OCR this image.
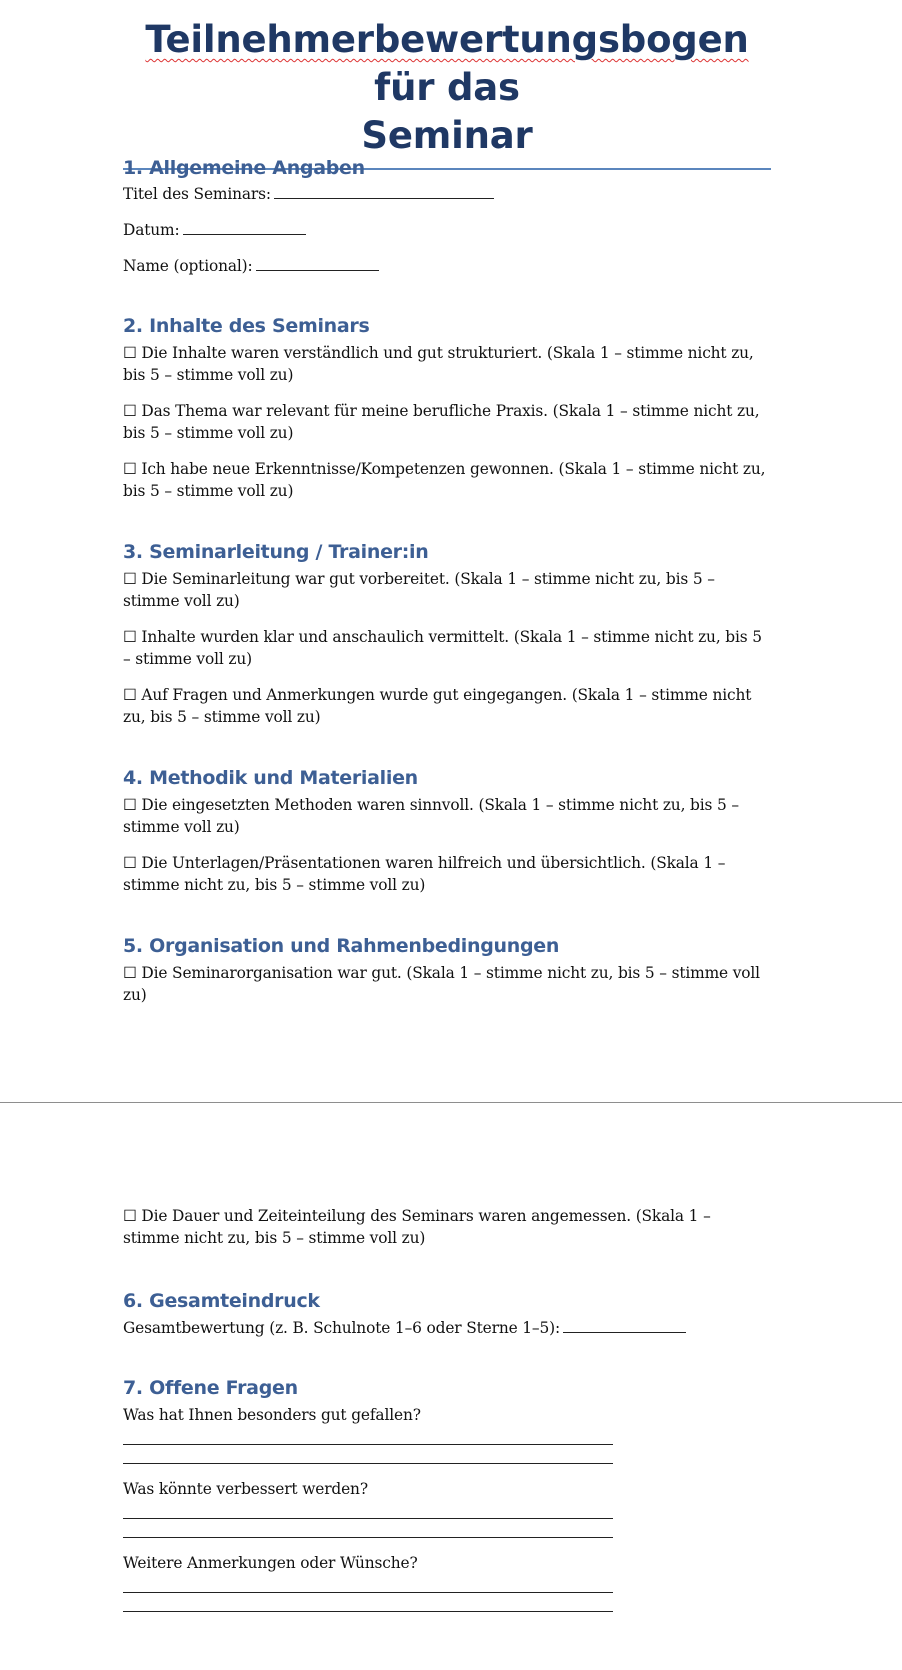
Teilnehmerbewertungsbogen für das
Seminar
1. Allgemeine Angaben

Titel des Seminars:

Datum:

Name (optional):

2. Inhalte des Seminars

☐ Die Inhalte waren verständlich und gut strukturiert. (Skala 1 – stimme nicht zu, bis 5 – stimme voll zu)

☐ Das Thema war relevant für meine berufliche Praxis. (Skala 1 – stimme nicht zu, bis 5 – stimme voll zu)

☐ Ich habe neue Erkenntnisse/Kompetenzen gewonnen. (Skala 1 – stimme nicht zu, bis 5 – stimme voll zu)

3. Seminarleitung / Trainer:in

☐ Die Seminarleitung war gut vorbereitet. (Skala 1 – stimme nicht zu, bis 5 – stimme voll zu)

☐ Inhalte wurden klar und anschaulich vermittelt. (Skala 1 – stimme nicht zu, bis 5 – stimme voll zu)

☐ Auf Fragen und Anmerkungen wurde gut eingegangen. (Skala 1 – stimme nicht zu, bis 5 – stimme voll zu)

4. Methodik und Materialien

☐ Die eingesetzten Methoden waren sinnvoll. (Skala 1 – stimme nicht zu, bis 5 – stimme voll zu)

☐ Die Unterlagen/Präsentationen waren hilfreich und übersichtlich. (Skala 1 – stimme nicht zu, bis 5 – stimme voll zu)

5. Organisation und Rahmenbedingungen

☐ Die Seminarorganisation war gut. (Skala 1 – stimme nicht zu, bis 5 – stimme voll zu)

☐ Die Dauer und Zeiteinteilung des Seminars waren angemessen. (Skala 1 – stimme nicht zu, bis 5 – stimme voll zu)

6. Gesamteindruck

Gesamtbewertung (z. B. Schulnote 1–6 oder Sterne 1–5):

7. Offene Fragen

Was hat Ihnen besonders gut gefallen?

Was könnte verbessert werden?

Weitere Anmerkungen oder Wünsche?
